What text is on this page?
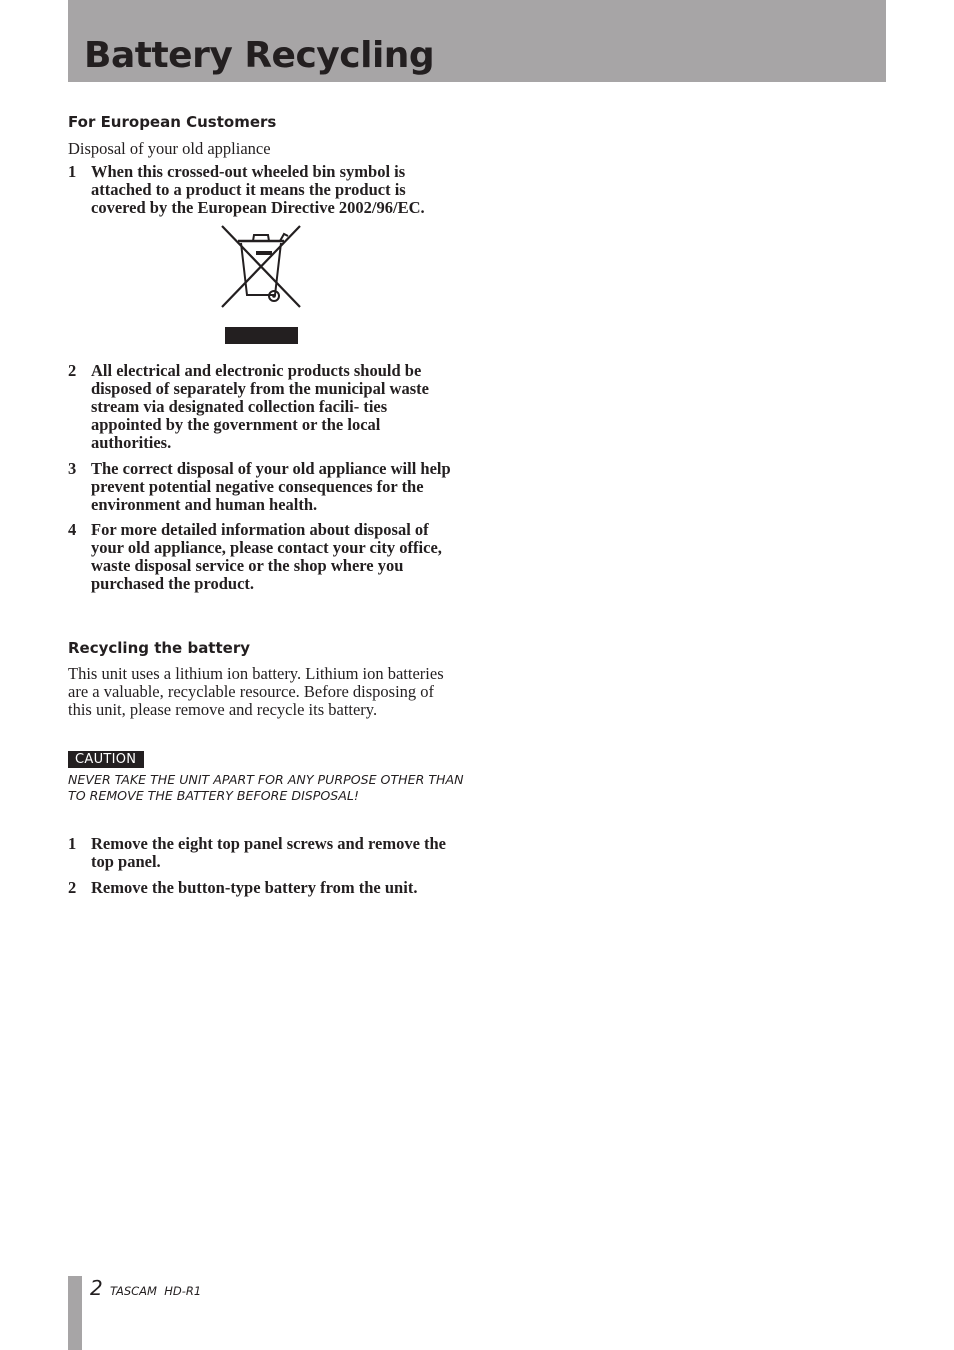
Battery Recycling
For European Customers
Disposal of your old appliance
1 When this crossed-out wheeled bin symbol is attached to a product it means the product is covered by the European Directive 2002/96/EC.
2 All electrical and electronic products should be disposed of separately from the municipal waste stream via designated collection facili- ties appointed by the government or the local authorities.
3 The correct disposal of your old appliance will help prevent potential negative consequences for the environment and human health.
4 For more detailed information about disposal of your old appliance, please contact your city office, waste disposal service or the shop where you purchased the product.
Recycling the battery
This unit uses a lithium ion battery. Lithium ion batteries are a valuable, recyclable resource. Before disposing of this unit, please remove and recycle its battery.
CAUTION
NEVER TAKE THE UNIT APART FOR ANY PURPOSE OTHER THAN TO REMOVE THE BATTERY BEFORE DISPOSAL!
1 Remove the eight top panel screws and remove the top panel.
2 Remove the button-type battery from the unit.
2 TASCAM  HD-R1
